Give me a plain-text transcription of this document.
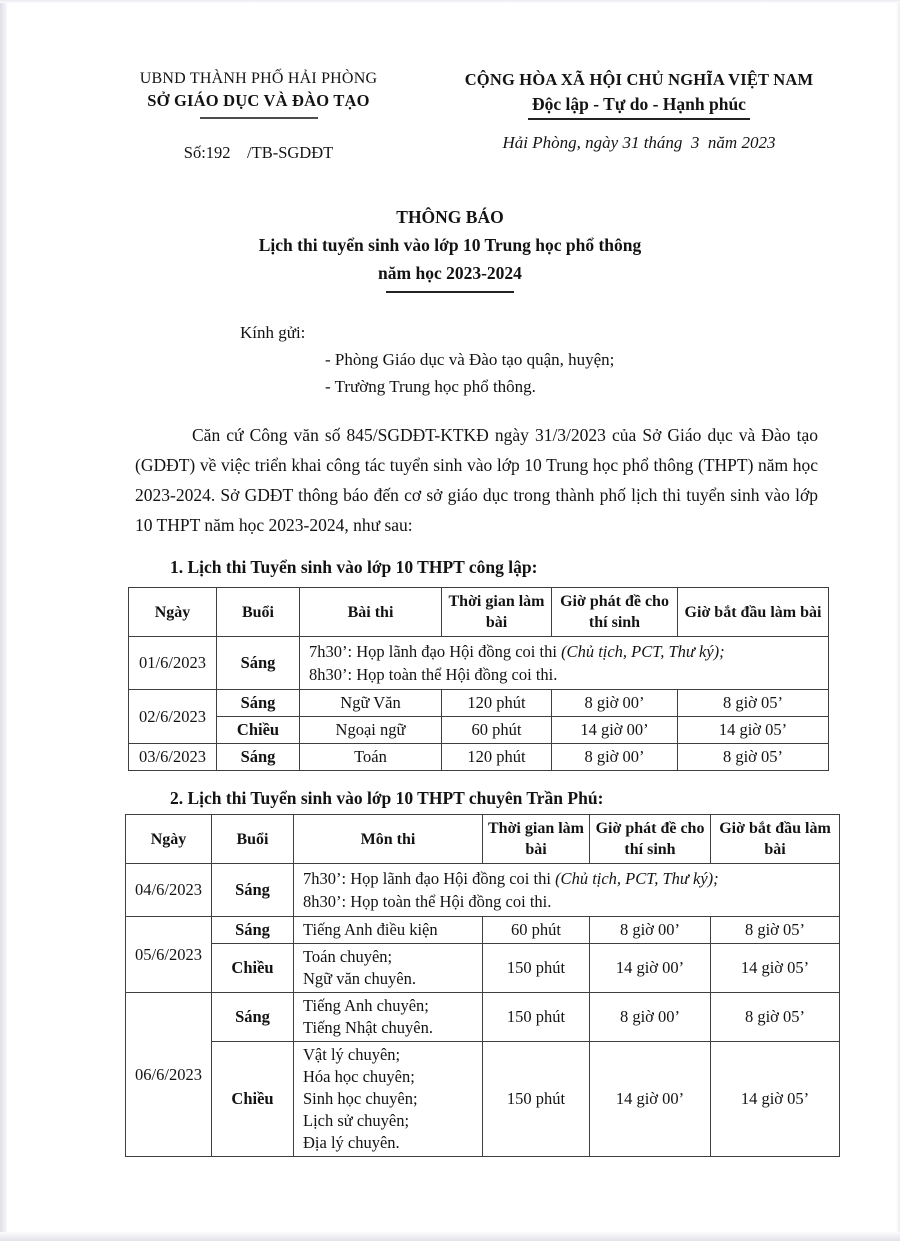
UBND THÀNH PHỐ HẢI PHÒNG
SỞ GIÁO DỤC VÀ ĐÀO TẠO
Số:192    /TB-SGDĐT
CỘNG HÒA XÃ HỘI CHỦ NGHĨA VIỆT NAM
Độc lập - Tự do - Hạnh phúc
Hải Phòng, ngày 31 tháng  3  năm 2023
THÔNG BÁO
Lịch thi tuyển sinh vào lớp 10 Trung học phổ thông
năm học 2023-2024
Kính gửi:
- Phòng Giáo dục và Đào tạo quận, huyện;
- Trường Trung học phổ thông.

Căn cứ Công văn số 845/SGDĐT-KTKĐ ngày 31/3/2023 của Sở Giáo dục và Đào tạo (GDĐT) về việc triển khai công tác tuyển sinh vào lớp 10 Trung học phổ thông (THPT) năm học 2023-2024. Sở GDĐT thông báo đến cơ sở giáo dục trong thành phố lịch thi tuyển sinh vào lớp 10 THPT năm học 2023-2024, như sau:

1. Lịch thi Tuyển sinh vào lớp 10 THPT công lập:
Ngày	Buổi	Bài thi	Thời gian làm bài	Giờ phát đề cho thí sinh	Giờ bắt đầu làm bài
01/6/2023	Sáng	7h30’: Họp lãnh đạo Hội đồng coi thi (Chủ tịch, PCT, Thư ký);
8h30’: Họp toàn thể Hội đồng coi thi.			

02/6/2023	Sáng	Ngữ Văn	120 phút	8 giờ 00’	8 giờ 05’
	Chiều	Ngoại ngữ	60 phút	14 giờ 00’	14 giờ 05’
03/6/2023	Sáng	Toán	120 phút	8 giờ 00’	8 giờ 05’
2. Lịch thi Tuyển sinh vào lớp 10 THPT chuyên Trần Phú:
Ngày	Buổi	Môn thi	Thời gian làm bài	Giờ phát đề cho thí sinh	Giờ bắt đầu làm bài
04/6/2023	Sáng	7h30’: Họp lãnh đạo Hội đồng coi thi (Chủ tịch, PCT, Thư ký);
8h30’: Họp toàn thể Hội đồng coi thi.			

05/6/2023	Sáng	Tiếng Anh điều kiện	60 phút	8 giờ 00’	8 giờ 05’
	Chiều	Toán chuyên;
Ngữ văn chuyên.	150 phút	14 giờ 00’	14 giờ 05’
06/6/2023	Sáng	Tiếng Anh chuyên;
Tiếng Nhật chuyên.	150 phút	8 giờ 00’	8 giờ 05’
	Chiều	Vật lý chuyên;
Hóa học chuyên;
Sinh học chuyên;
Lịch sử chuyên;
Địa lý chuyên.	150 phút	14 giờ 00’	14 giờ 05’
